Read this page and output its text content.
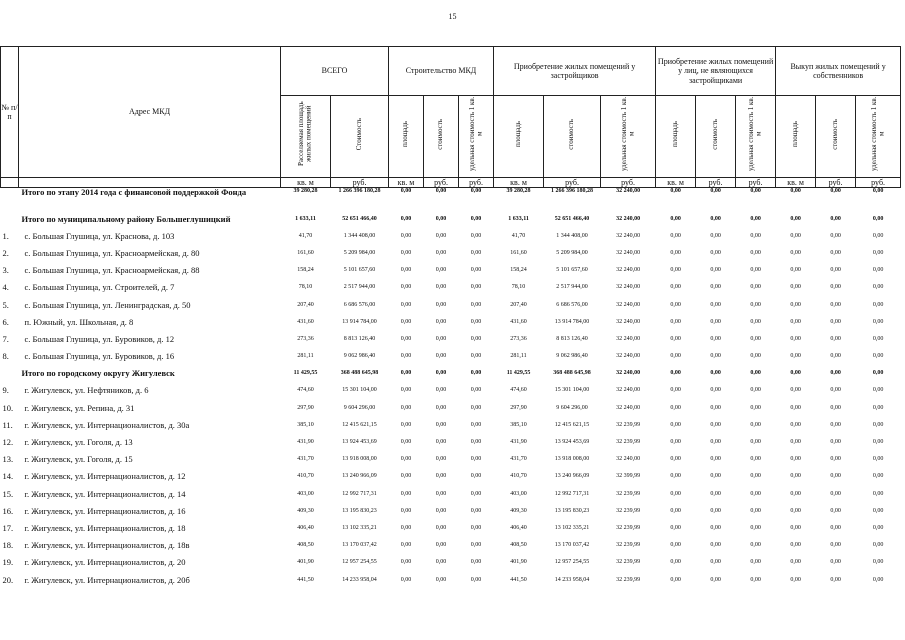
15
№ п/п	Адрес МКД	ВСЕГО		Строительство МКД			Приобретение жилых помещений у застройщиков			Приобретение жилых помещений у лиц, не являющихся застройщиками			Выкуп жилых помещений у собственников		
		Расселяемая площадь жилых помещений	Стоимость	площадь	стоимость	удельная стоимость 1 кв. м	площадь	стоимость	удельная стоимость 1 кв. м	площадь	стоимость	удельная стоимость 1 кв. м	площадь	стоимость	удельная стоимость 1 кв. м
		кв. м	руб.	кв. м	руб.	руб.	кв. м	руб.	руб.	кв. м	руб.	руб.	кв. м	руб.	руб.
	Итого по этапу 2014 года с финансовой поддержкой Фонда	39 280,28	1 266 396 180,28	0,00	0,00	0,00	39 280,28	1 266 396 180,28	32 240,00	0,00	0,00	0,00	0,00	0,00	0,00
	Итого по муниципальному району Большеглушицкий	1 633,11	52 651 466,40	0,00	0,00	0,00	1 633,11	52 651 466,40	32 240,00	0,00	0,00	0,00	0,00	0,00	0,00
1.	с. Большая Глушица, ул. Краснова, д. 103	41,70	1 344 408,00	0,00	0,00	0,00	41,70	1 344 408,00	32 240,00	0,00	0,00	0,00	0,00	0,00	0,00
2.	с. Большая Глушица, ул. Красноармейская, д. 80	161,60	5 209 984,00	0,00	0,00	0,00	161,60	5 209 984,00	32 240,00	0,00	0,00	0,00	0,00	0,00	0,00
3.	с. Большая Глушица, ул. Красноармейская, д. 88	158,24	5 101 657,60	0,00	0,00	0,00	158,24	5 101 657,60	32 240,00	0,00	0,00	0,00	0,00	0,00	0,00
4.	с. Большая Глушица, ул. Строителей, д. 7	78,10	2 517 944,00	0,00	0,00	0,00	78,10	2 517 944,00	32 240,00	0,00	0,00	0,00	0,00	0,00	0,00
5.	с. Большая Глушица, ул. Ленинградская, д. 50	207,40	6 686 576,00	0,00	0,00	0,00	207,40	6 686 576,00	32 240,00	0,00	0,00	0,00	0,00	0,00	0,00
6.	п. Южный, ул. Школьная, д. 8	431,60	13 914 784,00	0,00	0,00	0,00	431,60	13 914 784,00	32 240,00	0,00	0,00	0,00	0,00	0,00	0,00
7.	с. Большая Глушица, ул. Буровиков, д. 12	273,36	8 813 126,40	0,00	0,00	0,00	273,36	8 813 126,40	32 240,00	0,00	0,00	0,00	0,00	0,00	0,00
8.	с. Большая Глушица, ул. Буровиков, д. 16	281,11	9 062 986,40	0,00	0,00	0,00	281,11	9 062 986,40	32 240,00	0,00	0,00	0,00	0,00	0,00	0,00
	Итого по городскому округу Жигулевск	11 429,55	368 488 645,98	0,00	0,00	0,00	11 429,55	368 488 645,98	32 240,00	0,00	0,00	0,00	0,00	0,00	0,00
9.	г. Жигулевск, ул. Нефтяников, д. 6	474,60	15 301 104,00	0,00	0,00	0,00	474,60	15 301 104,00	32 240,00	0,00	0,00	0,00	0,00	0,00	0,00
10.	г. Жигулевск, ул. Репина, д. 31	297,90	9 604 296,00	0,00	0,00	0,00	297,90	9 604 296,00	32 240,00	0,00	0,00	0,00	0,00	0,00	0,00
11.	г. Жигулевск, ул. Интернационалистов, д. 30а	385,10	12 415 621,15	0,00	0,00	0,00	385,10	12 415 621,15	32 239,99	0,00	0,00	0,00	0,00	0,00	0,00
12.	г. Жигулевск, ул. Гоголя, д. 13	431,90	13 924 453,69	0,00	0,00	0,00	431,90	13 924 453,69	32 239,99	0,00	0,00	0,00	0,00	0,00	0,00
13.	г. Жигулевск, ул. Гоголя, д. 15	431,70	13 918 008,00	0,00	0,00	0,00	431,70	13 918 008,00	32 240,00	0,00	0,00	0,00	0,00	0,00	0,00
14.	г. Жигулевск, ул. Интернационалистов, д. 12	410,70	13 240 966,09	0,00	0,00	0,00	410,70	13 240 966,09	32 399,99	0,00	0,00	0,00	0,00	0,00	0,00
15.	г. Жигулевск, ул. Интернационалистов, д. 14	403,00	12 992 717,31	0,00	0,00	0,00	403,00	12 992 717,31	32 239,99	0,00	0,00	0,00	0,00	0,00	0,00
16.	г. Жигулевск, ул. Интернационалистов, д. 16	409,30	13 195 830,23	0,00	0,00	0,00	409,30	13 195 830,23	32 239,99	0,00	0,00	0,00	0,00	0,00	0,00
17.	г. Жигулевск, ул. Интернационалистов, д. 18	406,40	13 102 335,21	0,00	0,00	0,00	406,40	13 102 335,21	32 239,99	0,00	0,00	0,00	0,00	0,00	0,00
18.	г. Жигулевск, ул. Интернационалистов, д. 18в	408,50	13 170 037,42	0,00	0,00	0,00	408,50	13 170 037,42	32 239,99	0,00	0,00	0,00	0,00	0,00	0,00
19.	г. Жигулевск, ул. Интернационалистов, д. 20	401,90	12 957 254,55	0,00	0,00	0,00	401,90	12 957 254,55	32 239,99	0,00	0,00	0,00	0,00	0,00	0,00
20.	г. Жигулевск, ул. Интернационалистов, д. 20б	441,50	14 233 958,04	0,00	0,00	0,00	441,50	14 233 958,04	32 239,99	0,00	0,00	0,00	0,00	0,00	0,00
